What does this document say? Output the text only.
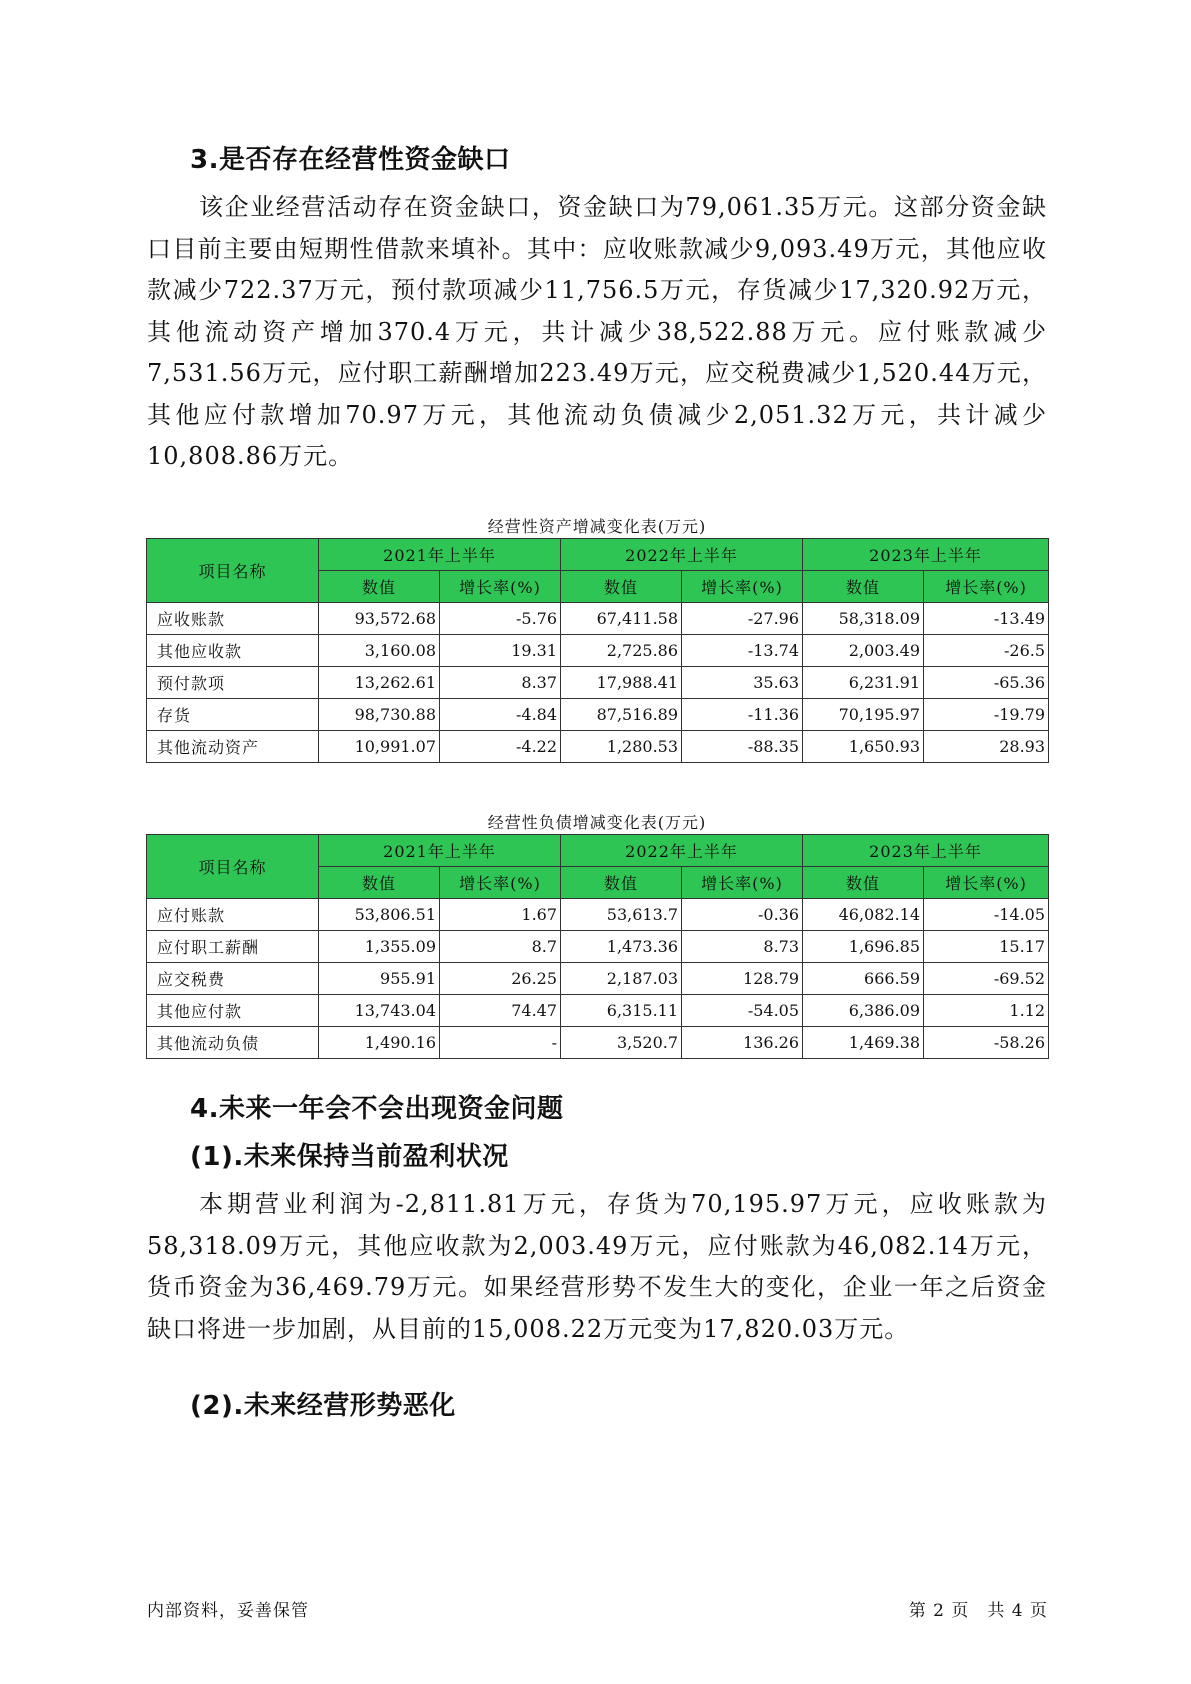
3.是否存在经营性资金缺口

该企业经营活动存在资金缺口，资金缺口为79,061.35万元。这部分资金缺口目前主要由短期性借款来填补。其中：应收账款减少9,093.49万元，其他应收款减少722.37万元，预付款项减少11,756.5万元，存货减少17,320.92万元，其他流动资产增加370.4万元，共计减少38,522.88万元。应付账款减少7,531.56万元，应付职工薪酬增加223.49万元，应交税费减少1,520.44万元，其他应付款增加70.97万元，其他流动负债减少2,051.32万元，共计减少10,808.86万元。

经营性资产增减变化表(万元)
项目名称	2021年上半年		2022年上半年		2023年上半年	
	数值	增长率(%)	数值	增长率(%)	数值	增长率(%)
应收账款	93,572.68	-5.76	67,411.58	-27.96	58,318.09	-13.49
其他应收款	3,160.08	19.31	2,725.86	-13.74	2,003.49	-26.5
预付款项	13,262.61	8.37	17,988.41	35.63	6,231.91	-65.36
存货	98,730.88	-4.84	87,516.89	-11.36	70,195.97	-19.79
其他流动资产	10,991.07	-4.22	1,280.53	-88.35	1,650.93	28.93
经营性负债增减变化表(万元)
项目名称	2021年上半年		2022年上半年		2023年上半年	
	数值	增长率(%)	数值	增长率(%)	数值	增长率(%)
应付账款	53,806.51	1.67	53,613.7	-0.36	46,082.14	-14.05
应付职工薪酬	1,355.09	8.7	1,473.36	8.73	1,696.85	15.17
应交税费	955.91	26.25	2,187.03	128.79	666.59	-69.52
其他应付款	13,743.04	74.47	6,315.11	-54.05	6,386.09	1.12
其他流动负债	1,490.16	-	3,520.7	136.26	1,469.38	-58.26
4.未来一年会不会出现资金问题
(1).未来保持当前盈利状况

本期营业利润为-2,811.81万元，存货为70,195.97万元，应收账款为58,318.09万元，其他应收款为2,003.49万元，应付账款为46,082.14万元，货币资金为36,469.79万元。如果经营形势不发生大的变化，企业一年之后资金缺口将进一步加剧，从目前的15,008.22万元变为17,820.03万元。

(2).未来经营形势恶化
内部资料，妥善保管	第 2 页　共 4 页
